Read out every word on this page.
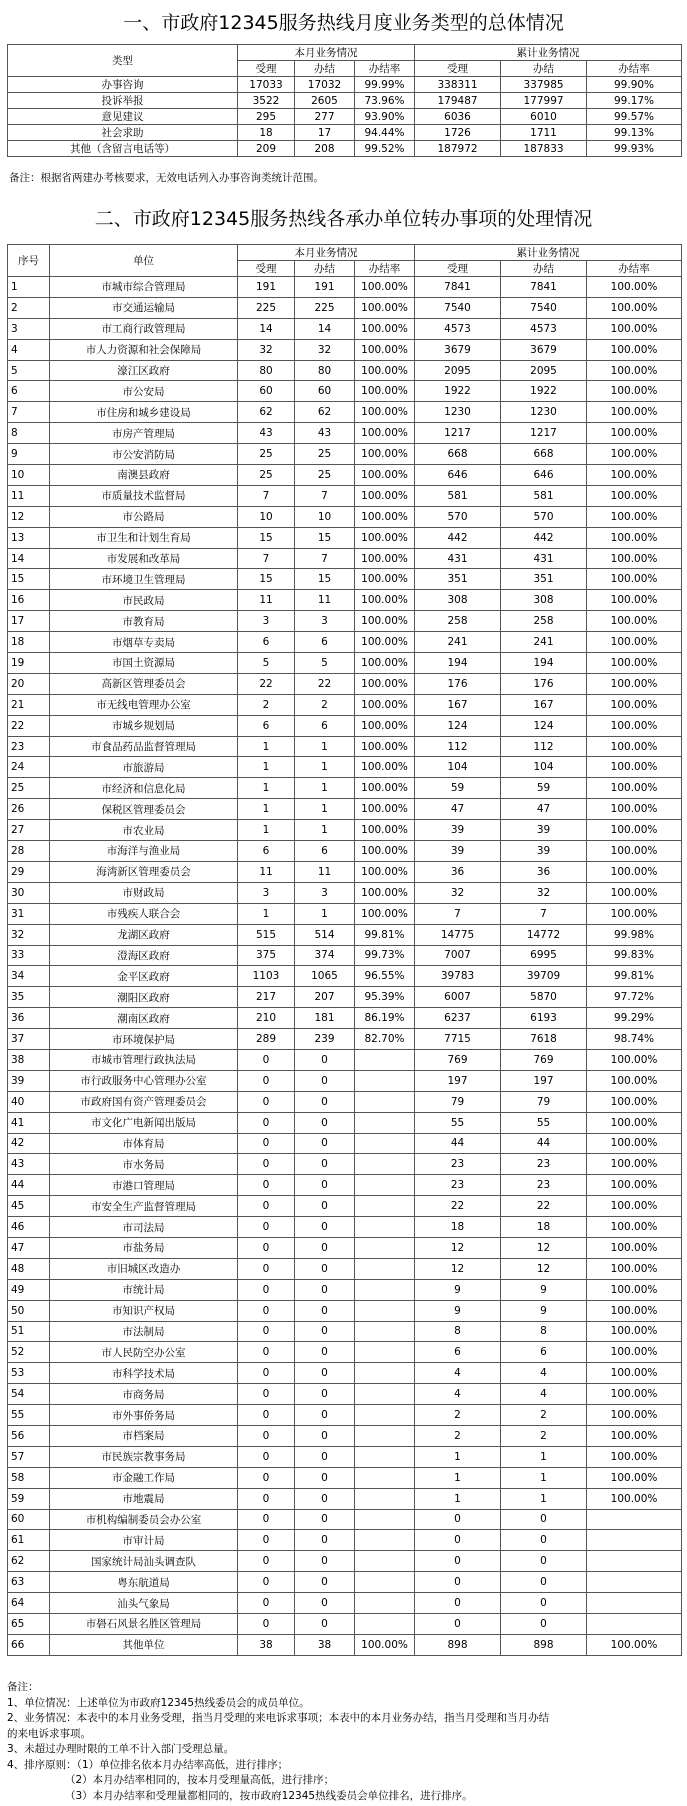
一、市政府12345服务热线月度业务类型的总体情况
类型	本月业务情况			累计业务情况		
	受理	办结	办结率	受理	办结	办结率
办事咨询	17033	17032	99.99%	338311	337985	99.90%
投诉举报	3522	2605	73.96%	179487	177997	99.17%
意见建议	295	277	93.90%	6036	6010	99.57%
社会求助	18	17	94.44%	1726	1711	99.13%
其他（含留言电话等）	209	208	99.52%	187972	187833	99.93%
备注：根据省两建办考核要求，无效电话列入办事咨询类统计范围。
二、市政府12345服务热线各承办单位转办事项的处理情况
序号	单位	本月业务情况			累计业务情况		
		受理	办结	办结率	受理	办结	办结率
1	市城市综合管理局	191	191	100.00%	7841	7841	100.00%
2	市交通运输局	225	225	100.00%	7540	7540	100.00%
3	市工商行政管理局	14	14	100.00%	4573	4573	100.00%
4	市人力资源和社会保障局	32	32	100.00%	3679	3679	100.00%
5	濠江区政府	80	80	100.00%	2095	2095	100.00%
6	市公安局	60	60	100.00%	1922	1922	100.00%
7	市住房和城乡建设局	62	62	100.00%	1230	1230	100.00%
8	市房产管理局	43	43	100.00%	1217	1217	100.00%
9	市公安消防局	25	25	100.00%	668	668	100.00%
10	南澳县政府	25	25	100.00%	646	646	100.00%
11	市质量技术监督局	7	7	100.00%	581	581	100.00%
12	市公路局	10	10	100.00%	570	570	100.00%
13	市卫生和计划生育局	15	15	100.00%	442	442	100.00%
14	市发展和改革局	7	7	100.00%	431	431	100.00%
15	市环境卫生管理局	15	15	100.00%	351	351	100.00%
16	市民政局	11	11	100.00%	308	308	100.00%
17	市教育局	3	3	100.00%	258	258	100.00%
18	市烟草专卖局	6	6	100.00%	241	241	100.00%
19	市国土资源局	5	5	100.00%	194	194	100.00%
20	高新区管理委员会	22	22	100.00%	176	176	100.00%
21	市无线电管理办公室	2	2	100.00%	167	167	100.00%
22	市城乡规划局	6	6	100.00%	124	124	100.00%
23	市食品药品监督管理局	1	1	100.00%	112	112	100.00%
24	市旅游局	1	1	100.00%	104	104	100.00%
25	市经济和信息化局	1	1	100.00%	59	59	100.00%
26	保税区管理委员会	1	1	100.00%	47	47	100.00%
27	市农业局	1	1	100.00%	39	39	100.00%
28	市海洋与渔业局	6	6	100.00%	39	39	100.00%
29	海湾新区管理委员会	11	11	100.00%	36	36	100.00%
30	市财政局	3	3	100.00%	32	32	100.00%
31	市残疾人联合会	1	1	100.00%	7	7	100.00%
32	龙湖区政府	515	514	99.81%	14775	14772	99.98%
33	澄海区政府	375	374	99.73%	7007	6995	99.83%
34	金平区政府	1103	1065	96.55%	39783	39709	99.81%
35	潮阳区政府	217	207	95.39%	6007	5870	97.72%
36	潮南区政府	210	181	86.19%	6237	6193	99.29%
37	市环境保护局	289	239	82.70%	7715	7618	98.74%
38	市城市管理行政执法局	0	0		769	769	100.00%
39	市行政服务中心管理办公室	0	0		197	197	100.00%
40	市政府国有资产管理委员会	0	0		79	79	100.00%
41	市文化广电新闻出版局	0	0		55	55	100.00%
42	市体育局	0	0		44	44	100.00%
43	市水务局	0	0		23	23	100.00%
44	市港口管理局	0	0		23	23	100.00%
45	市安全生产监督管理局	0	0		22	22	100.00%
46	市司法局	0	0		18	18	100.00%
47	市盐务局	0	0		12	12	100.00%
48	市旧城区改造办	0	0		12	12	100.00%
49	市统计局	0	0		9	9	100.00%
50	市知识产权局	0	0		9	9	100.00%
51	市法制局	0	0		8	8	100.00%
52	市人民防空办公室	0	0		6	6	100.00%
53	市科学技术局	0	0		4	4	100.00%
54	市商务局	0	0		4	4	100.00%
55	市外事侨务局	0	0		2	2	100.00%
56	市档案局	0	0		2	2	100.00%
57	市民族宗教事务局	0	0		1	1	100.00%
58	市金融工作局	0	0		1	1	100.00%
59	市地震局	0	0		1	1	100.00%
60	市机构编制委员会办公室	0	0		0	0	
61	市审计局	0	0		0	0	
62	国家统计局汕头调查队	0	0		0	0	
63	粤东航道局	0	0		0	0	
64	汕头气象局	0	0		0	0	
65	市礐石风景名胜区管理局	0	0		0	0	
66	其他单位	38	38	100.00%	898	898	100.00%
备注：
1、单位情况：上述单位为市政府12345热线委员会的成员单位。
2、业务情况：本表中的本月业务受理，指当月受理的来电诉求事项；本表中的本月业务办结，指当月受理和当月办结
的来电诉求事项。
3、未超过办理时限的工单不计入部门受理总量。
4、排序原则：（1）单位排名依本月办结率高低，进行排序；
（2）本月办结率相同的，按本月受理量高低，进行排序；
（3）本月办结率和受理量都相同的，按市政府12345热线委员会单位排名，进行排序。
